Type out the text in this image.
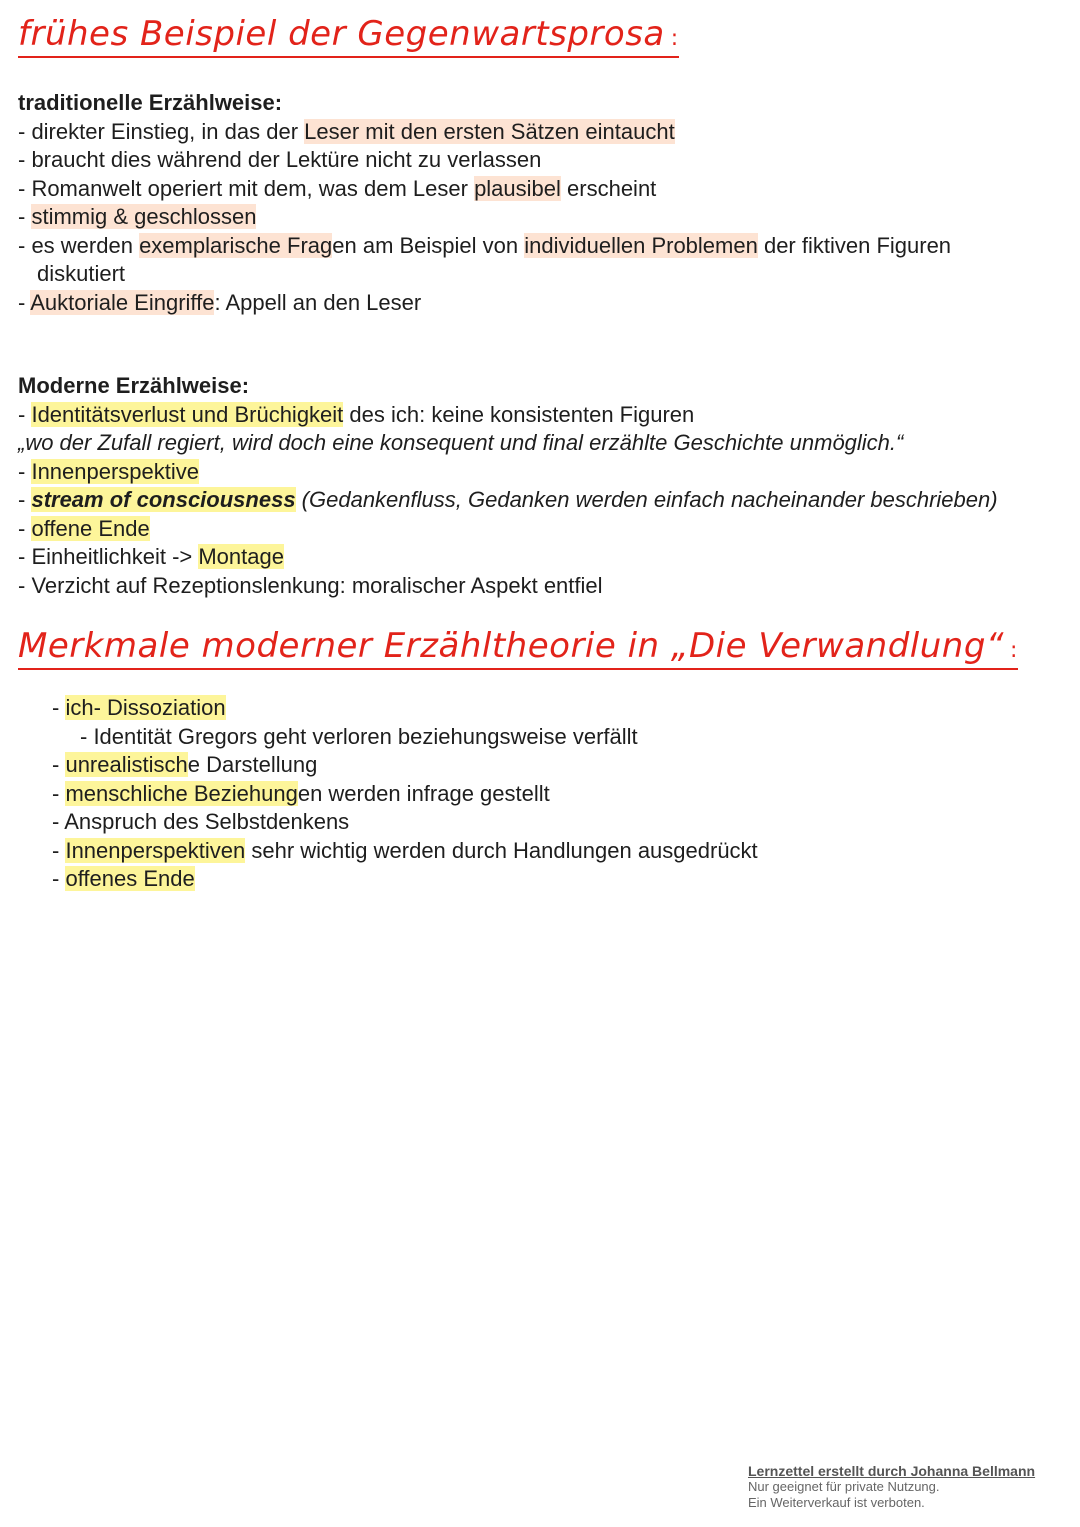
frühes Beispiel der Gegenwartsprosa :
traditionelle Erzählweise:
- direkter Einstieg, in das der Leser mit den ersten Sätzen eintaucht
- braucht dies während der Lektüre nicht zu verlassen
- Romanwelt operiert mit dem, was dem Leser plausibel erscheint
- stimmig & geschlossen
- es werden exemplarische Fragen am Beispiel von individuellen Problemen der fiktiven Figuren
diskutiert
- Auktoriale Eingriffe: Appell an den Leser
Moderne Erzählweise:
- Identitätsverlust und Brüchigkeit des ich: keine konsistenten Figuren
„wo der Zufall regiert, wird doch eine konsequent und final erzählte Geschichte unmöglich.“
- Innenperspektive
- stream of consciousness (Gedankenfluss, Gedanken werden einfach nacheinander beschrieben)
- offene Ende
- Einheitlichkeit -> Montage
- Verzicht auf Rezeptionslenkung: moralischer Aspekt entfiel
Merkmale moderner Erzähltheorie in „Die Verwandlung“ :
- ich- Dissoziation
- Identität Gregors geht verloren beziehungsweise verfällt
- unrealistische Darstellung
- menschliche Beziehungen werden infrage gestellt
- Anspruch des Selbstdenkens
- Innenperspektiven sehr wichtig werden durch Handlungen ausgedrückt
- offenes Ende
Lernzettel erstellt durch Johanna Bellmann
Nur geeignet für private Nutzung.
Ein Weiterverkauf ist verboten.
